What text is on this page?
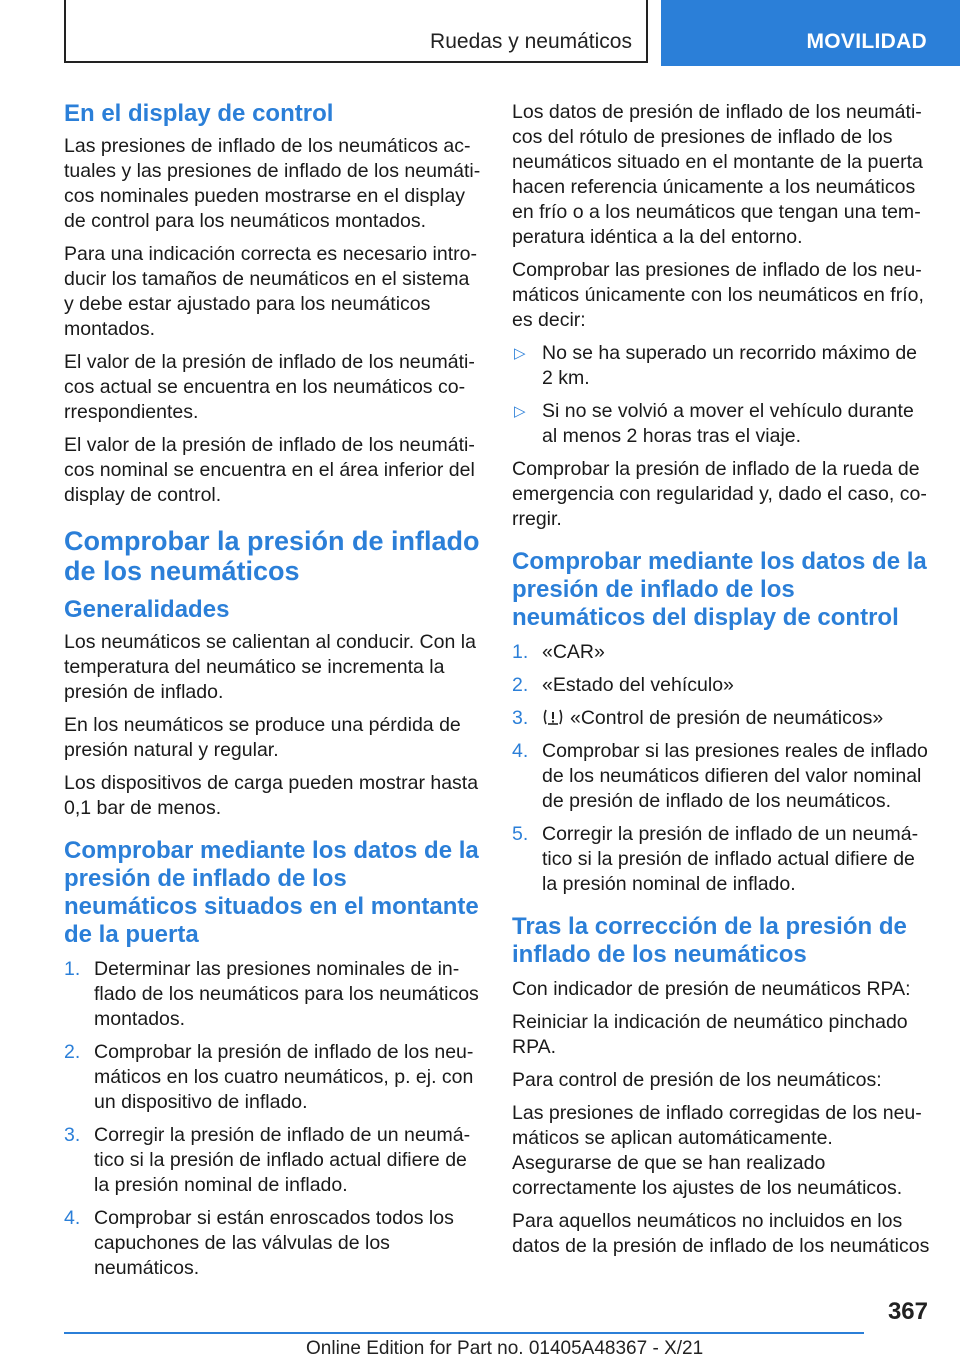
Ruedas y neumáticos	MOVILIDAD
En el display de control

Las presiones de inflado de los neumáticos actuales y las presiones de inflado de los neumáticos nominales pueden mostrarse en el display de control para los neumáticos montados.

Para una indicación correcta es necesario introducir los tamaños de neumáticos en el sistema y debe estar ajustado para los neumáticos montados.

El valor de la presión de inflado de los neumáticos actual se encuentra en los neumáticos correspondientes.

El valor de la presión de inflado de los neumáticos nominal se encuentra en el área inferior del display de control.

Comprobar la presión de inflado de los neumáticos
Generalidades

Los neumáticos se calientan al conducir. Con la temperatura del neumático se incrementa la presión de inflado.

En los neumáticos se produce una pérdida de presión natural y regular.

Los dispositivos de carga pueden mostrar hasta 0,1 bar de menos.

Comprobar mediante los datos de la presión de inflado de los neumáticos situados en el montante de la puerta
1. Determinar las presiones nominales de inflado de los neumáticos para los neumáticos montados.
2. Comprobar la presión de inflado de los neumáticos en los cuatro neumáticos, p. ej. con un dispositivo de inflado.
3. Corregir la presión de inflado de un neumático si la presión de inflado actual difiere de la presión nominal de inflado.
4. Comprobar si están enroscados todos los capuchones de las válvulas de los neumáticos.

Los datos de presión de inflado de los neumáticos del rótulo de presiones de inflado de los neumáticos situado en el montante de la puerta hacen referencia únicamente a los neumáticos en frío o a los neumáticos que tengan una temperatura idéntica a la del entorno.

Comprobar las presiones de inflado de los neumáticos únicamente con los neumáticos en frío, es decir:

▷ No se ha superado un recorrido máximo de 2 km.
▷ Si no se volvió a mover el vehículo durante al menos 2 horas tras el viaje.

Comprobar la presión de inflado de la rueda de emergencia con regularidad y, dado el caso, corregir.

Comprobar mediante los datos de la presión de inflado de los neumáticos del display de control
1. «CAR»
2. «Estado del vehículo»
3. «Control de presión de neumáticos»
4. Comprobar si las presiones reales de inflado de los neumáticos difieren del valor nominal de presión de inflado de los neumáticos.
5. Corregir la presión de inflado de un neumático si la presión de inflado actual difiere de la presión nominal de inflado.
Tras la corrección de la presión de inflado de los neumáticos

Con indicador de presión de neumáticos RPA:

Reiniciar la indicación de neumático pinchado RPA.

Para control de presión de los neumáticos:

Las presiones de inflado corregidas de los neumáticos se aplican automáticamente. Asegurarse de que se han realizado correctamente los ajustes de los neumáticos.

Para aquellos neumáticos no incluidos en los datos de la presión de inflado de los neumáticos

367
Online Edition for Part no. 01405A48367 - X/21
